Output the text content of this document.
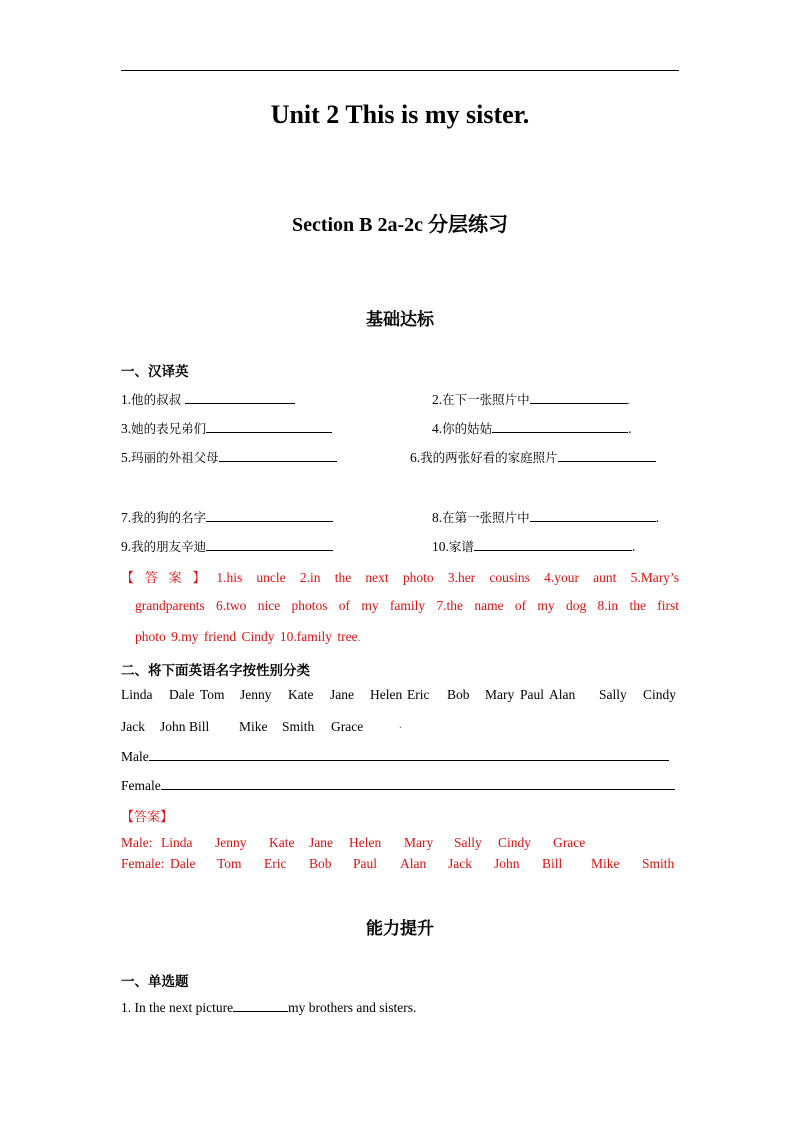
Unit 2 This is my sister.
Section B 2a-2c 分层练习
基础达标
一、汉译英
1.他的叔叔	2.在下一张照片中	.
3.她的表兄弟们	4.你的姑姑	.
5.玛丽的外祖父母	6.我的两张好看的家庭照片
7.我的狗的名字	8.在第一张照片中	.
9.我的朋友辛迪	10.家谱	.
【答案】1.his uncle 2.in the next photo 3.her cousins 4.your aunt 5.Mary’s
grandparents 6.two nice photos of my family 7.the name of my dog 8.in the first
photo 9.my friend Cindy 10.family tree.
二、将下面英语名字按性别分类
Linda Dale Tom Jenny Kate Jane Helen Eric Bob Mary Paul Alan Sally Cindy
Jack John Bill Mike Smith Grace	.
Male
Female
【答案】
Male: Linda Jenny Kate Jane Helen Mary Sally Cindy Grace
Female: Dale Tom Eric Bob Paul Alan Jack John Bill Mike Smith
能力提升
一、单选题
1. In the next picture	my brothers and sisters.
